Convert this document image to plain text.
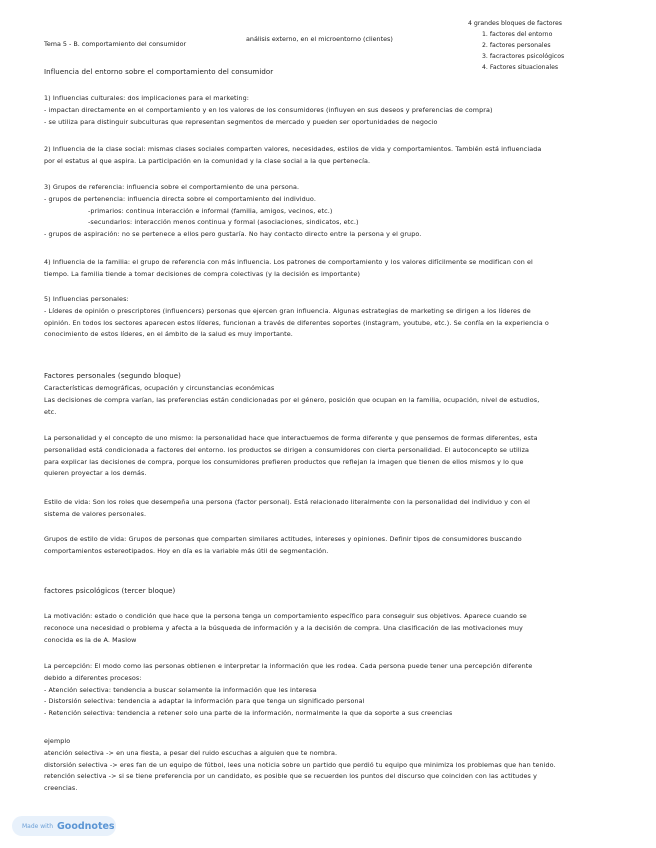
Tema 5 - B. comportamiento del consumidor
análisis externo, en el microentorno (clientes)
4 grandes bloques de factores
1. factores del entorno
2. factores personales
3. facractores psicológicos
4. Factores situacionales
Influencia del entorno sobre el comportamiento del consumidor
1) Influencias culturales: dos implicaciones para el marketing:
- impactan directamente en el comportamiento y en los valores de los consumidores (influyen en sus deseos y preferencias de compra)
- se utiliza para distinguir subculturas que representan segmentos de mercado y pueden ser oportunidades de negocio
2) Influencia de la clase social: mismas clases sociales comparten valores, necesidades, estilos de vida y comportamientos. También está influenciada
por el estatus al que aspira. La participación en la comunidad y la clase social a la que pertenecía.
3) Grupos de referencia: influencia sobre el comportamiento de una persona.
- grupos de pertenencia: influencia directa sobre el comportamiento del individuo.
-primarios: continua interacción e informal (familia, amigos, vecinos, etc.)
-secundarios: interacción menos continua y formal (asociaciones, sindicatos, etc.)
- grupos de aspiración: no se pertenece a ellos pero gustaría. No hay contacto directo entre la persona y el grupo.
4) Influencia de la familia: el grupo de referencia con más influencia. Los patrones de comportamiento y los valores difícilmente se modifican con el
tiempo. La familia tiende a tomar decisiones de compra colectivas (y la decisión es importante)
5) Influencias personales:
- Líderes de opinión o prescriptores (influencers) personas que ejercen gran influencia. Algunas estrategias de marketing se dirigen a los líderes de
opinión. En todos los sectores aparecen estos líderes, funcionan a través de diferentes soportes (instagram, youtube, etc.). Se confía en la experiencia o
conocimiento de estos líderes, en el ámbito de la salud es muy importante.
Factores personales (segundo bloque)
Características demográficas, ocupación y circunstancias económicas
Las decisiones de compra varían, las preferencias están condicionadas por el género, posición que ocupan en la familia, ocupación, nivel de estudios,
etc.
La personalidad y el concepto de uno mismo: la personalidad hace que interactuemos de forma diferente y que pensemos de formas diferentes, esta
personalidad está condicionada a factores del entorno. los productos se dirigen a consumidores con cierta personalidad. El autoconcepto se utiliza
para explicar las decisiones de compra, porque los consumidores prefieren productos que reflejan la imagen que tienen de ellos mismos y lo que
quieren proyectar a los demás.
Estilo de vida: Son los roles que desempeña una persona (factor personal). Está relacionado literalmente con la personalidad del individuo y con el
sistema de valores personales.
Grupos de estilo de vida: Grupos de personas que comparten similares actitudes, intereses y opiniones. Definir tipos de consumidores buscando
comportamientos estereotipados. Hoy en día es la variable más útil de segmentación.
factores psicológicos (tercer bloque)
La motivación: estado o condición que hace que la persona tenga un comportamiento específico para conseguir sus objetivos. Aparece cuando se
reconoce una necesidad o problema y afecta a la búsqueda de información y a la decisión de compra. Una clasificación de las motivaciones muy
conocida es la de A. Maslow
La percepción: El modo como las personas obtienen e interpretar la información que les rodea. Cada persona puede tener una percepción diferente
debido a diferentes procesos:
- Atención selectiva: tendencia a buscar solamente la información que les interesa
- Distorsión selectiva: tendencia a adaptar la información para que tenga un significado personal
- Retención selectiva: tendencia a retener solo una parte de la información, normalmente la que da soporte a sus creencias
ejemplo
atención selectiva -> en una fiesta, a pesar del ruido escuchas a alguien que te nombra.
distorsión selectiva -> eres fan de un equipo de fútbol, lees una noticia sobre un partido que perdió tu equipo que minimiza los problemas que han tenido.
retención selectiva -> si se tiene preferencia por un candidato, es posible que se recuerden los puntos del discurso que coinciden con las actitudes y
creencias.
Made with Goodnotes
